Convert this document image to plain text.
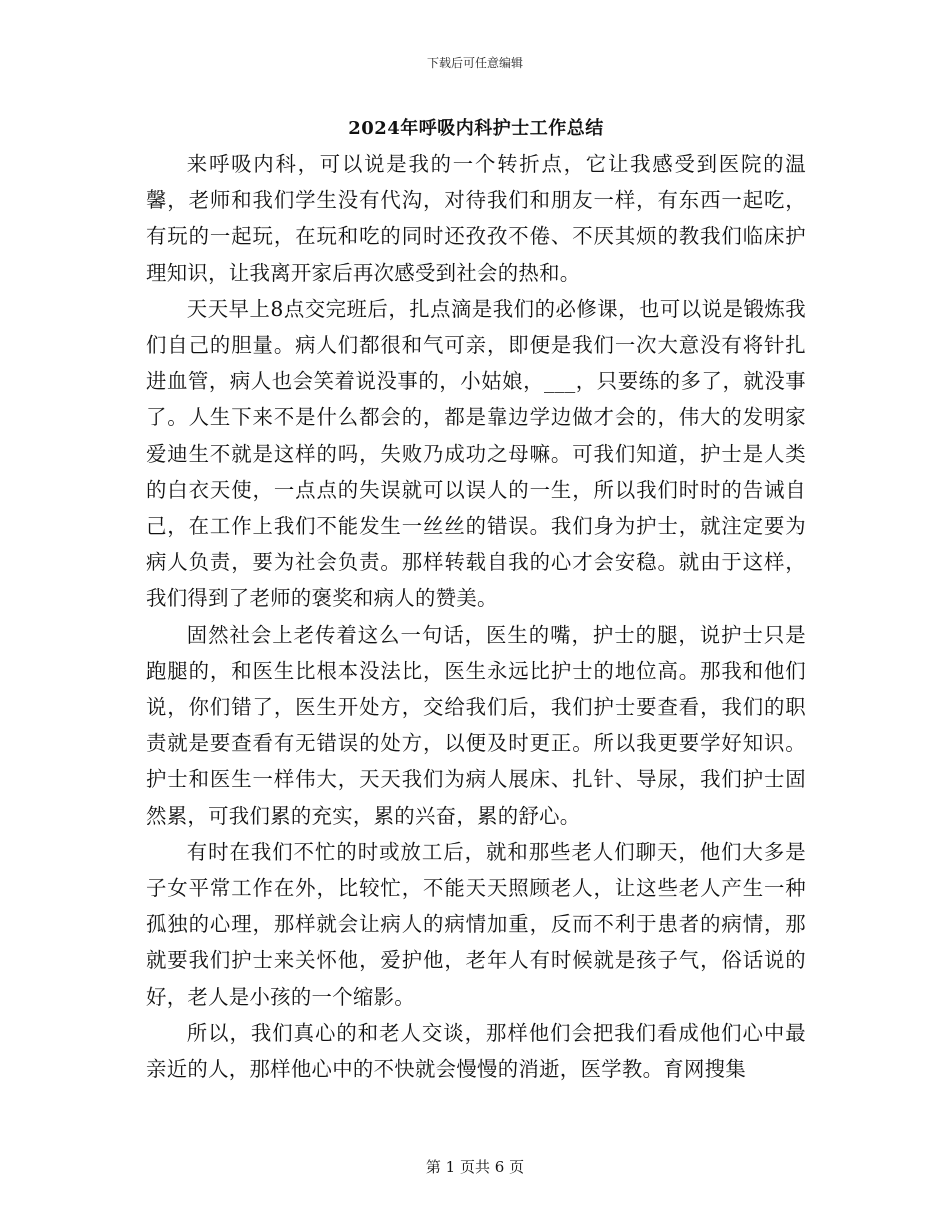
下载后可任意编辑
2024年呼吸内科护士工作总结

来呼吸内科，可以说是我的一个转折点，它让我感受到医院的温馨，老师和我们学生没有代沟，对待我们和朋友一样，有东西一起吃，有玩的一起玩，在玩和吃的同时还孜孜不倦、不厌其烦的教我们临床护理知识，让我离开家后再次感受到社会的热和。

天天早上8点交完班后，扎点滴是我们的必修课，也可以说是锻炼我们自己的胆量。病人们都很和气可亲，即便是我们一次大意没有将针扎进血管，病人也会笑着说没事的，小姑娘，___，只要练的多了，就没事了。人生下来不是什么都会的，都是靠边学边做才会的，伟大的发明家爱迪生不就是这样的吗，失败乃成功之母嘛。可我们知道，护士是人类的白衣天使，一点点的失误就可以误人的一生，所以我们时时的告诫自己，在工作上我们不能发生一丝丝的错误。我们身为护士，就注定要为病人负责，要为社会负责。那样转载自我的心才会安稳。就由于这样，我们得到了老师的褒奖和病人的赞美。

固然社会上老传着这么一句话，医生的嘴，护士的腿，说护士只是跑腿的，和医生比根本没法比，医生永远比护士的地位高。那我和他们说，你们错了，医生开处方，交给我们后，我们护士要查看，我们的职责就是要查看有无错误的处方，以便及时更正。所以我更要学好知识。护士和医生一样伟大，天天我们为病人展床、扎针、导尿，我们护士固然累，可我们累的充实，累的兴奋，累的舒心。

有时在我们不忙的时或放工后，就和那些老人们聊天，他们大多是子女平常工作在外，比较忙，不能天天照顾老人，让这些老人产生一种孤独的心理，那样就会让病人的病情加重，反而不利于患者的病情，那就要我们护士来关怀他，爱护他，老年人有时候就是孩子气，俗话说的好，老人是小孩的一个缩影。

所以，我们真心的和老人交谈，那样他们会把我们看成他们心中最亲近的人，那样他心中的不快就会慢慢的消逝，医学教。育网搜集

第 1 页共 6 页
